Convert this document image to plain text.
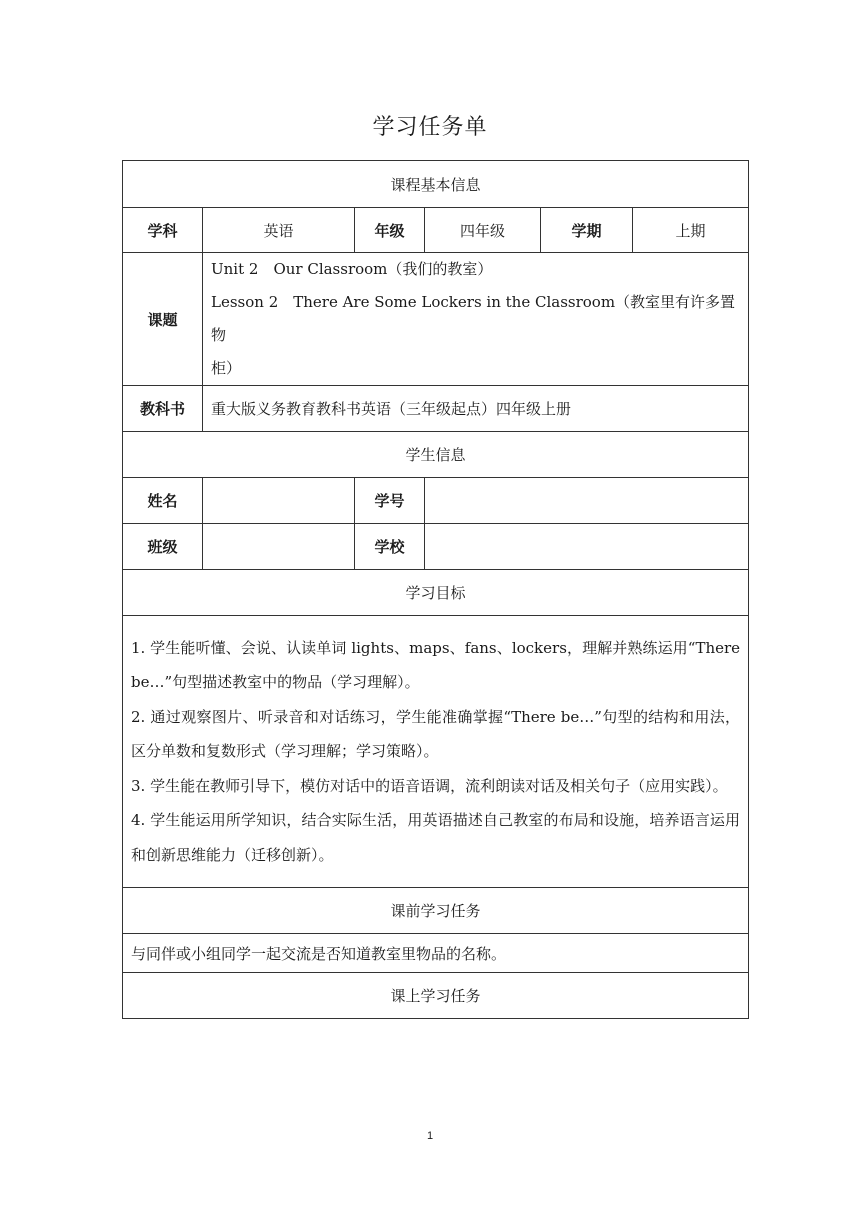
学习任务单
课程基本信息					
学科	英语	年级	四年级	学期	上期
课题	Unit 2　Our Classroom（我们的教室）
Lesson 2　There Are Some Lockers in the Classroom（教室里有许多置物
柜）				

教科书	重大版义务教育教科书英语（三年级起点）四年级上册				
学生信息					
姓名		学号			
班级		学校			
学习目标					

1. 学生能听懂、会说、认读单词 lights、maps、fans、lockers，理解并熟练运用“There be…”句型描述教室中的物品（学习理解）。

2. 通过观察图片、听录音和对话练习，学生能准确掌握“There be…”句型的结构和用法，区分单数和复数形式（学习理解；学习策略）。

3. 学生能在教师引导下，模仿对话中的语音语调，流利朗读对话及相关句子（应用实践）。

4. 学生能运用所学知识，结合实际生活，用英语描述自己教室的布局和设施，培养语言运用和创新思维能力（迁移创新）。					

课前学习任务					
与同伴或小组同学一起交流是否知道教室里物品的名称。					
课上学习任务					
1
